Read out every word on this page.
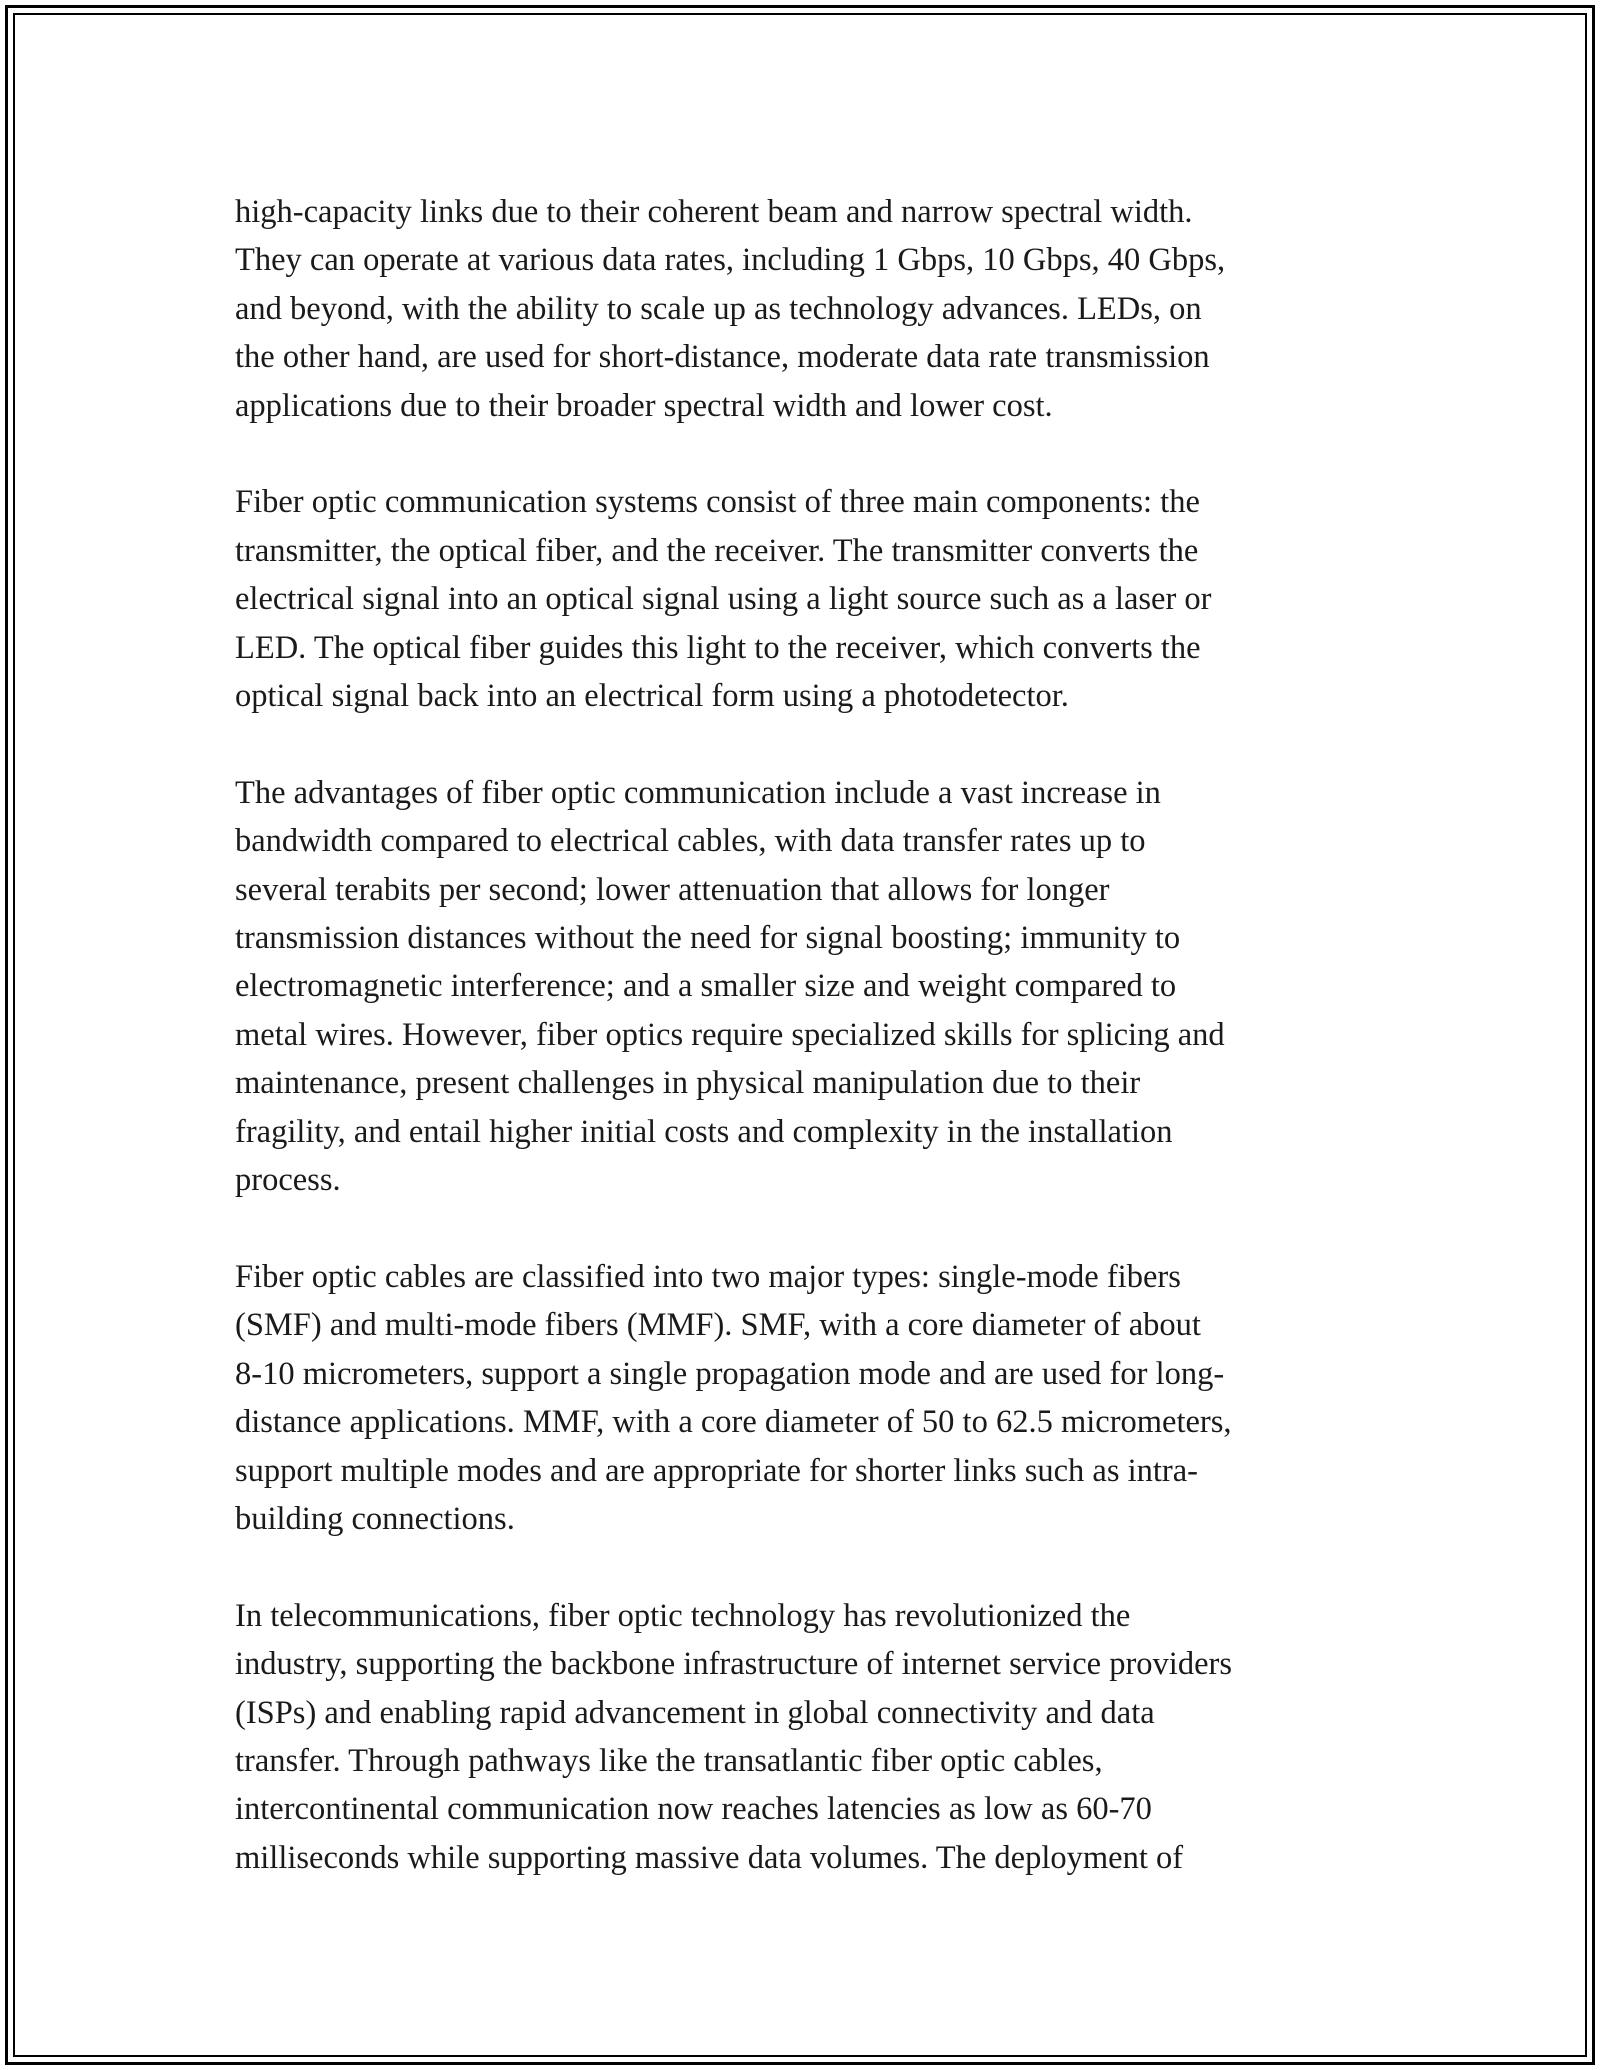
high-capacity links due to their coherent beam and narrow spectral width.
They can operate at various data rates, including 1 Gbps, 10 Gbps, 40 Gbps,
and beyond, with the ability to scale up as technology advances. LEDs, on
the other hand, are used for short-distance, moderate data rate transmission
applications due to their broader spectral width and lower cost.

Fiber optic communication systems consist of three main components: the
transmitter, the optical fiber, and the receiver. The transmitter converts the
electrical signal into an optical signal using a light source such as a laser or
LED. The optical fiber guides this light to the receiver, which converts the
optical signal back into an electrical form using a photodetector.

The advantages of fiber optic communication include a vast increase in
bandwidth compared to electrical cables, with data transfer rates up to
several terabits per second; lower attenuation that allows for longer
transmission distances without the need for signal boosting; immunity to
electromagnetic interference; and a smaller size and weight compared to
metal wires. However, fiber optics require specialized skills for splicing and
maintenance, present challenges in physical manipulation due to their
fragility, and entail higher initial costs and complexity in the installation
process.

Fiber optic cables are classified into two major types: single-mode fibers
(SMF) and multi-mode fibers (MMF). SMF, with a core diameter of about
8-10 micrometers, support a single propagation mode and are used for long-
distance applications. MMF, with a core diameter of 50 to 62.5 micrometers,
support multiple modes and are appropriate for shorter links such as intra-
building connections.

In telecommunications, fiber optic technology has revolutionized the
industry, supporting the backbone infrastructure of internet service providers
(ISPs) and enabling rapid advancement in global connectivity and data
transfer. Through pathways like the transatlantic fiber optic cables,
intercontinental communication now reaches latencies as low as 60-70
milliseconds while supporting massive data volumes. The deployment of
